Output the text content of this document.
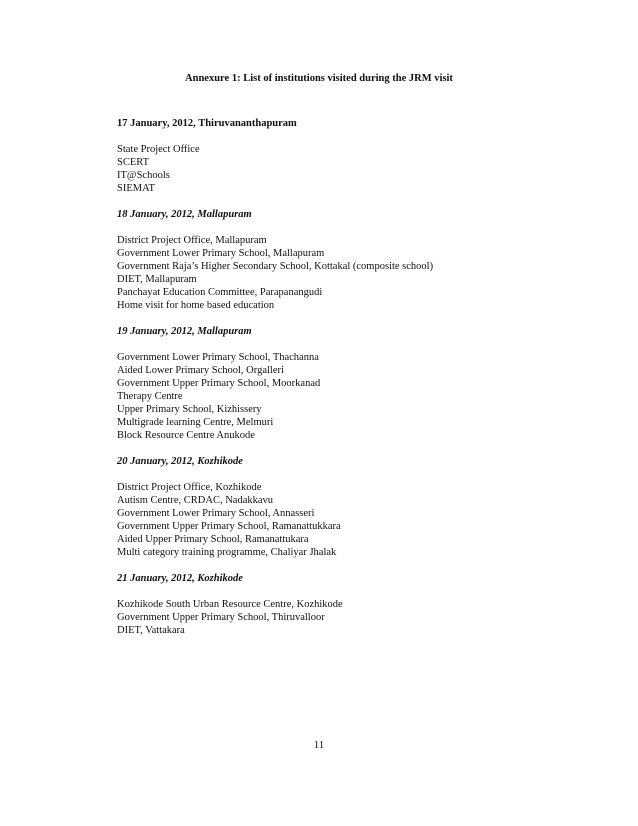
Annexure 1: List of institutions visited during the JRM visit
17 January, 2012, Thiruvananthapuram
State Project Office
SCERT
IT@Schools
SIEMAT
18 January, 2012, Mallapuram
District Project Office, Mallapuram
Government Lower Primary School, Mallapuram
Government Raja’s Higher Secondary School, Kottakal (composite school)
DIET, Mallapuram
Panchayat Education Committee, Parapanangudi
Home visit for home based education
19 January, 2012, Mallapuram
Government Lower Primary School, Thachanna
Aided Lower Primary School, Orgalleri
Government Upper Primary School, Moorkanad
Therapy Centre
Upper Primary School, Kizhissery
Multigrade learning Centre, Melmuri
Block Resource Centre Anukode
20 January, 2012, Kozhikode
District Project Office, Kozhikode
Autism Centre, CRDAC, Nadakkavu
Government Lower Primary School, Annasseri
Government Upper Primary School, Ramanattukkara
Aided Upper Primary School, Ramanattukara
Multi category training programme, Chaliyar Jhalak
21 January, 2012, Kozhikode
Kozhikode South Urban Resource Centre, Kozhikode
Government Upper Primary School, Thiruvalloor
DIET, Vattakara
11
